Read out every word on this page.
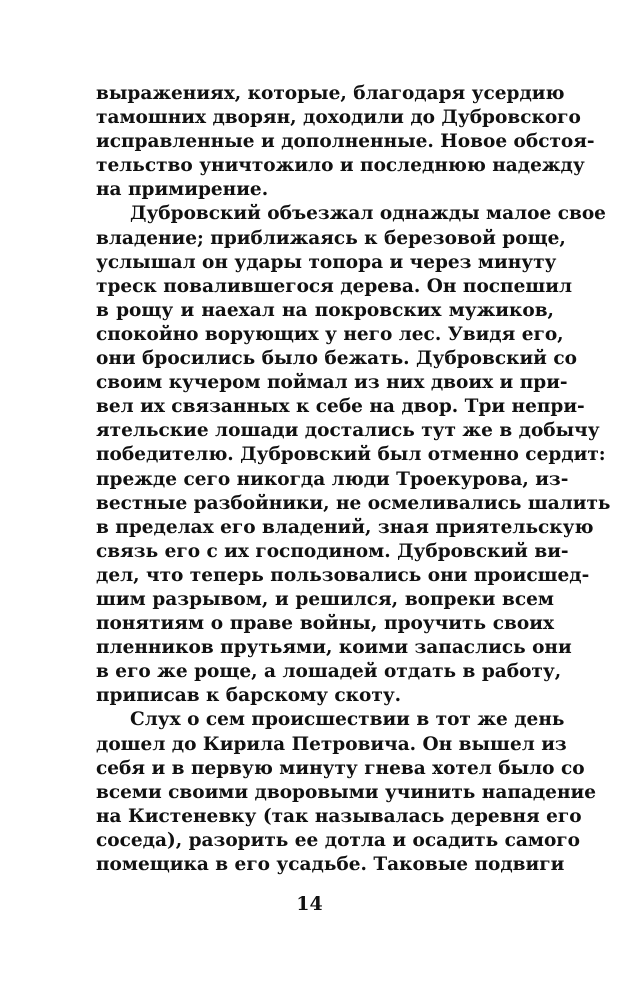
выражениях, которые, благодаря усердию
тамошних дворян, доходили до Дубровского
исправленные и дополненные. Новое обстоя-
тельство уничтожило и последнюю надежду
на примирение.
Дубровский объезжал однажды малое свое
владение; приближаясь к березовой роще,
услышал он удары топора и через минуту
треск повалившегося дерева. Он поспешил
в рощу и наехал на покровских мужиков,
спокойно ворующих у него лес. Увидя его,
они бросились было бежать. Дубровский со
своим кучером поймал из них двоих и при-
вел их связанных к себе на двор. Три непри-
ятельские лошади достались тут же в добычу
победителю. Дубровский был отменно сердит:
прежде сего никогда люди Троекурова, из-
вестные разбойники, не осмеливались шалить
в пределах его владений, зная приятельскую
связь его с их господином. Дубровский ви-
дел, что теперь пользовались они происшед-
шим разрывом, и решился, вопреки всем
понятиям о праве войны, проучить своих
пленников прутьями, коими запаслись они
в его же роще, а лошадей отдать в работу,
приписав к барскому скоту.
Слух о сем происшествии в тот же день
дошел до Кирила Петровича. Он вышел из
себя и в первую минуту гнева хотел было со
всеми своими дворовыми учинить нападение
на Кистеневку (так называлась деревня его
соседа), разорить ее дотла и осадить самого
помещика в его усадьбе. Таковые подвиги
14
